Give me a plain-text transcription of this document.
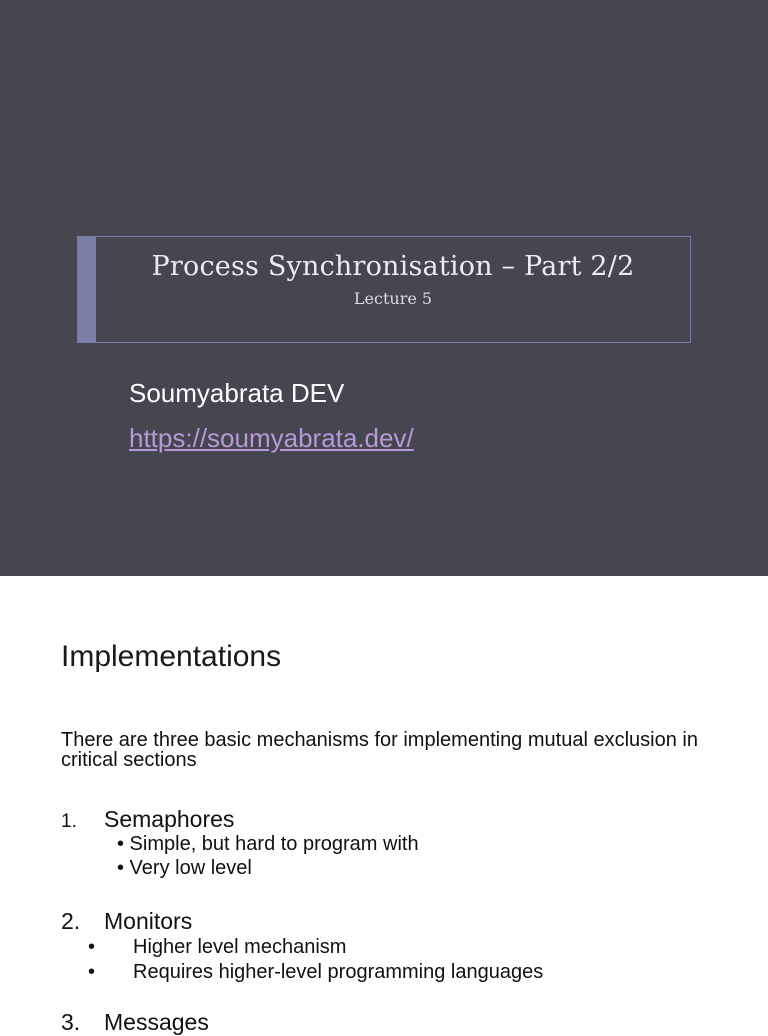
Process Synchronisation – Part 2/2
Lecture 5
Soumyabrata DEV
https://soumyabrata.dev/
Implementations
There are three basic mechanisms for implementing mutual exclusion in critical sections
1. Semaphores
• Simple, but hard to program with
• Very low level
2. Monitors
• Higher level mechanism
• Requires higher-level programming languages
3. Messages
